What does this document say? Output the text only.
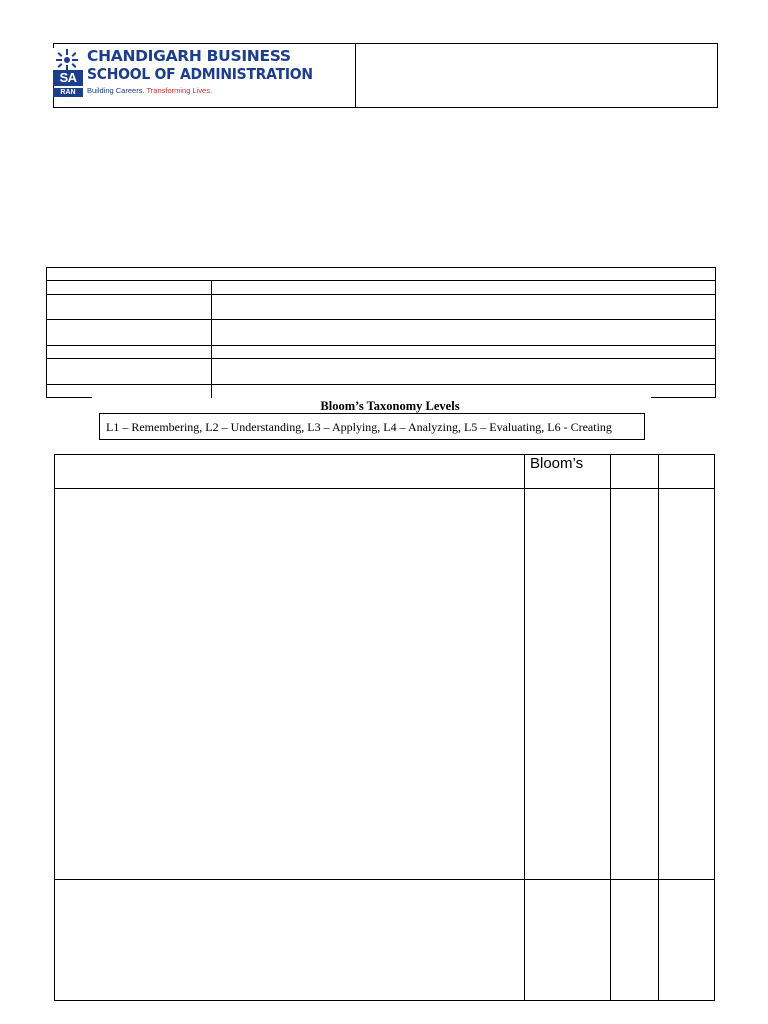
SA
RAN
CHANDIGARH BUSINESS
SCHOOL OF ADMINISTRATION
Building Careers. Transforming Lives.
Bloom’s Taxonomy Levels
L1 – Remembering, L2 – Understanding, L3 – Applying, L4 – Analyzing, L5 – Evaluating, L6 - Creating
Bloom’s
